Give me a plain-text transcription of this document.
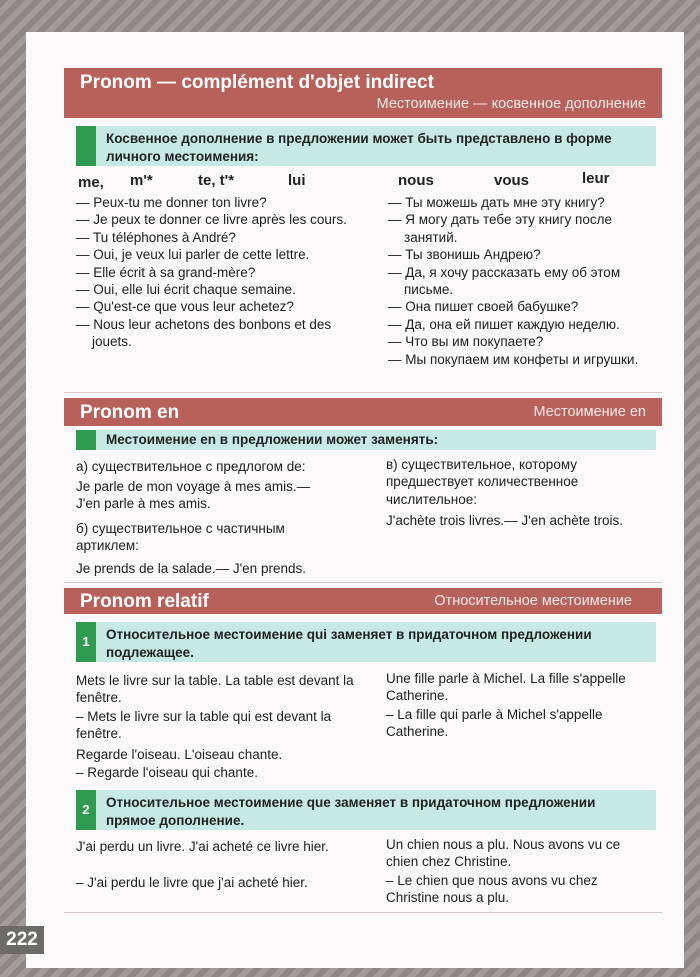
222
Pronom — complément d'objet indirect
Местоимение — косвенное дополнение
Косвенное дополнение в предложении может быть представлено в форме личного местоимения:
me, m'*	te, t'*	lui	nous	vous	leur
— Peux-tu me donner ton livre?
— Je peux te donner ce livre après les cours.
— Tu téléphones à André?
— Oui, je veux lui parler de cette lettre.
— Elle écrit à sa grand-mère?
— Oui, elle lui écrit chaque semaine.
— Qu'est-ce que vous leur achetez?
— Nous leur achetons des bonbons et des jouets.
— Ты можешь дать мне эту книгу?
— Я могу дать тебе эту книгу после занятий.
— Ты звонишь Андрею?
— Да, я хочу рассказать ему об этом письме.
— Она пишет своей бабушке?
— Да, она ей пишет каждую неделю.
— Что вы им покупаете?
— Мы покупаем им конфеты и игрушки.
Pronom en	Местоимение en
Местоимение en в предложении может заменять:
а) существительное с предлогом de:
Je parle de mon voyage à mes amis.—
J'en parle à mes amis.
б) существительное с частичным артиклем:
Je prends de la salade.— J'en prends.
в) существительное, которому предшествует количественное числительное:
J'achète trois livres.— J'en achète trois.
Pronom relatif	Относительное местоимение
1	Относительное местоимение qui заменяет в придаточном предложении подлежащее.
Mets le livre sur la table. La table est devant la fenêtre.
– Mets le livre sur la table qui est devant la fenêtre.
Regarde l'oiseau. L'oiseau chante.
– Regarde l'oiseau qui chante.
Une fille parle à Michel. La fille s'appelle Catherine.
– La fille qui parle à Michel s'appelle Catherine.
2	Относительное местоимение que заменяет в придаточном предложении прямое дополнение.
J'ai perdu un livre. J'ai acheté ce livre hier.
– J'ai perdu le livre que j'ai acheté hier.
Un chien nous a plu. Nous avons vu ce chien chez Christine.
– Le chien que nous avons vu chez Christine nous a plu.
